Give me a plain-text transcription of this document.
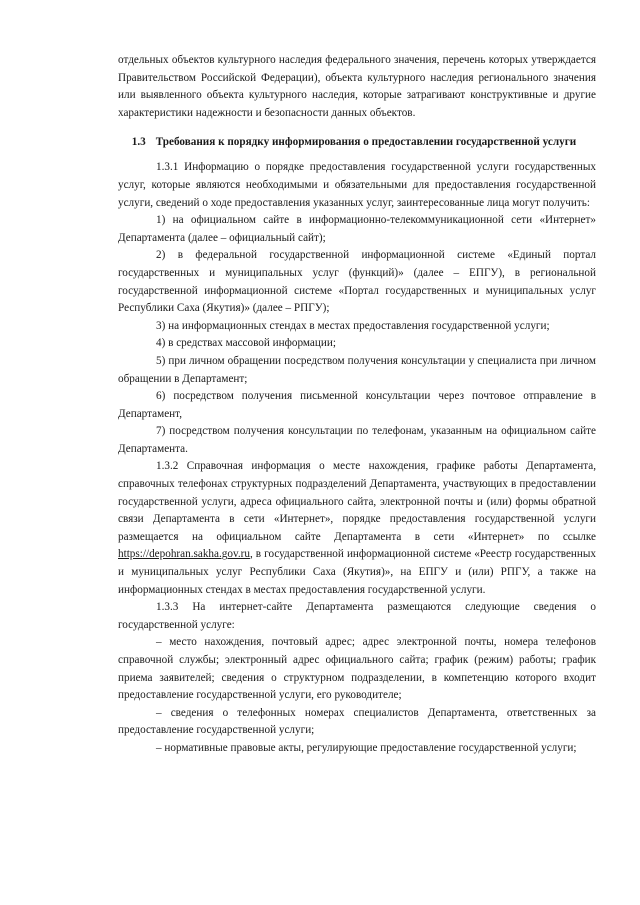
отдельных объектов культурного наследия федерального значения, перечень которых утверждается Правительством Российской Федерации), объекта культурного наследия регионального значения или выявленного объекта культурного наследия, которые затрагивают конструктивные и другие характеристики надежности и безопасности данных объектов.

1.3 Требования к порядку информирования о предоставлении государственной услуги

1.3.1 Информацию о порядке предоставления государственной услуги государственных услуг, которые являются необходимыми и обязательными для предоставления государственной услуги, сведений о ходе предоставления указанных услуг, заинтересованные лица могут получить:

1) на официальном сайте в информационно-телекоммуникационной сети «Интернет» Департамента (далее – официальный сайт);

2) в федеральной государственной информационной системе «Единый портал государственных и муниципальных услуг (функций)» (далее – ЕПГУ), в региональной государственной информационной системе «Портал государственных и муниципальных услуг Республики Саха (Якутия)» (далее – РПГУ);

3) на информационных стендах в местах предоставления государственной услуги;

4) в средствах массовой информации;

5) при личном обращении посредством получения консультации у специалиста при личном обращении в Департамент;

6) посредством получения письменной консультации через почтовое отправление в Департамент,

7) посредством получения консультации по телефонам, указанным на официальном сайте Департамента.

1.3.2 Справочная информация о месте нахождения, графике работы Департамента, справочных телефонах структурных подразделений Департамента, участвующих в предоставлении государственной услуги, адреса официального сайта, электронной почты и (или) формы обратной связи Департамента в сети «Интернет», порядке предоставления государственной услуги размещается на официальном сайте Департамента в сети «Интернет» по ссылке https://depohran.sakha.gov.ru, в государственной информационной системе «Реестр государственных и муниципальных услуг Республики Саха (Якутия)», на ЕПГУ и (или) РПГУ, а также на информационных стендах в местах предоставления государственной услуги.

1.3.3 На интернет-сайте Департамента размещаются следующие сведения о государственной услуге:

– место нахождения, почтовый адрес; адрес электронной почты, номера телефонов справочной службы; электронный адрес официального сайта; график (режим) работы; график приема заявителей; сведения о структурном подразделении, в компетенцию которого входит предоставление государственной услуги, его руководителе;

– сведения о телефонных номерах специалистов Департамента, ответственных за предоставление государственной услуги;

– нормативные правовые акты, регулирующие предоставление государственной услуги;
